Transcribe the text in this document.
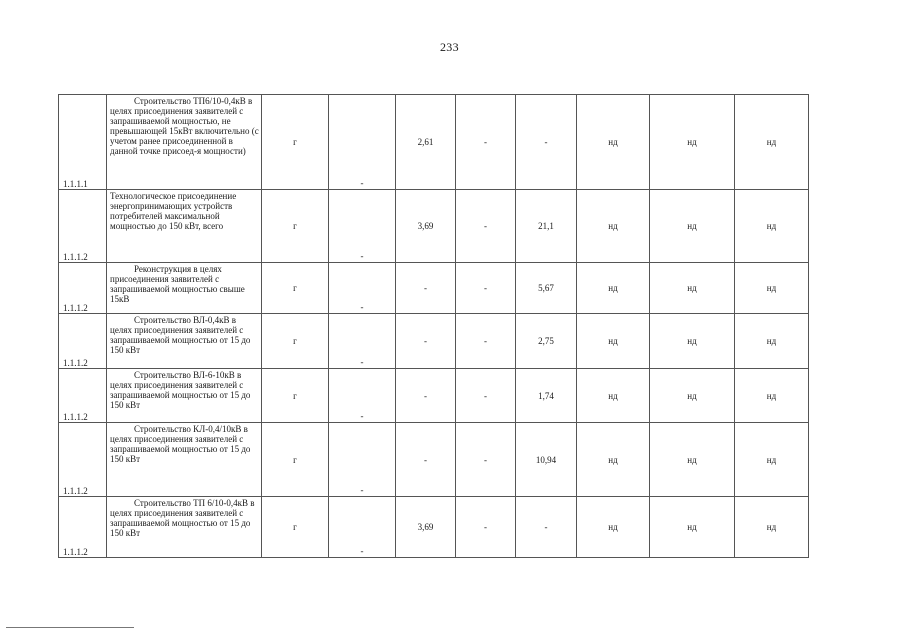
233
1.1.1.1	Строительство ТП6/10-0,4кВ в целях присоединения заявителей с запрашиваемой мощностью, не превышающей 15кВт включительно (с учетом ранее присоединенной в данной точке присоед-я мощности)	г	-	2,61	-	-	нд	нд	нд
1.1.1.2	Технологическое присоединение энергопринимающих устройств потребителей максимальной мощностью до 150 кВт, всего	г	-	3,69	-	21,1	нд	нд	нд
1.1.1.2	Реконструкция в целях присоединения заявителей с запрашиваемой мощностью свыше 15кВ	г	-	-	-	5,67	нд	нд	нд
1.1.1.2	Строительство ВЛ-0,4кВ в целях присоединения заявителей с запрашиваемой мощностью от 15 до 150 кВт	г	-	-	-	2,75	нд	нд	нд
1.1.1.2	Строительство ВЛ-6-10кВ в целях присоединения заявителей с запрашиваемой мощностью от 15 до 150 кВт	г	-	-	-	1,74	нд	нд	нд
1.1.1.2	Строительство КЛ-0,4/10кВ в целях присоединения заявителей с запрашиваемой мощностью от 15 до 150 кВт	г	-	-	-	10,94	нд	нд	нд
1.1.1.2	Строительство ТП 6/10-0,4кВ в целях присоединения заявителей с запрашиваемой мощностью от 15 до 150 кВт	г	-	3,69	-	-	нд	нд	нд
